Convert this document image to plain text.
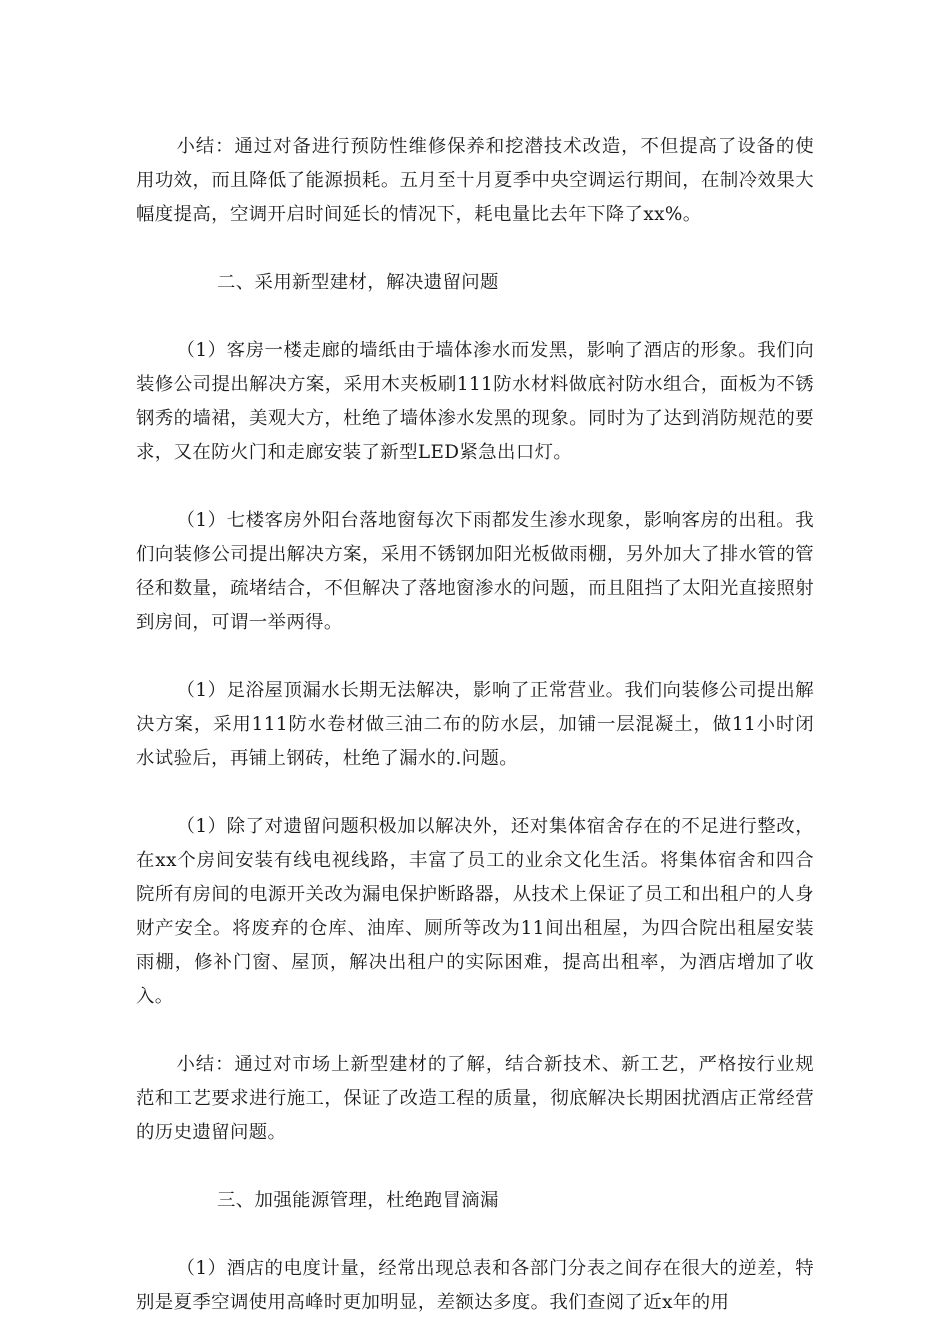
小结：通过对备进行预防性维修保养和挖潜技术改造，不但提高了设备的使用功效，而且降低了能源损耗。五月至十月夏季中央空调运行期间，在制冷效果大幅度提高，空调开启时间延长的情况下，耗电量比去年下降了xx%。

二、采用新型建材，解决遗留问题

（1）客房一楼走廊的墙纸由于墙体渗水而发黑，影响了酒店的形象。我们向装修公司提出解决方案，采用木夹板刷111防水材料做底衬防水组合，面板为不锈钢秀的墙裙，美观大方，杜绝了墙体渗水发黑的现象。同时为了达到消防规范的要求，又在防火门和走廊安装了新型LED紧急出口灯。

（1）七楼客房外阳台落地窗每次下雨都发生渗水现象，影响客房的出租。我们向装修公司提出解决方案，采用不锈钢加阳光板做雨棚，另外加大了排水管的管径和数量，疏堵结合，不但解决了落地窗渗水的问题，而且阻挡了太阳光直接照射到房间，可谓一举两得。

（1）足浴屋顶漏水长期无法解决，影响了正常营业。我们向装修公司提出解决方案，采用111防水卷材做三油二布的防水层，加铺一层混凝土，做11小时闭水试验后，再铺上钢砖，杜绝了漏水的.问题。

（1）除了对遗留问题积极加以解决外，还对集体宿舍存在的不足进行整改，在xx个房间安装有线电视线路，丰富了员工的业余文化生活。将集体宿舍和四合院所有房间的电源开关改为漏电保护断路器，从技术上保证了员工和出租户的人身财产安全。将废弃的仓库、油库、厕所等改为11间出租屋，为四合院出租屋安装雨棚，修补门窗、屋顶，解决出租户的实际困难，提高出租率，为酒店增加了收入。

小结：通过对市场上新型建材的了解，结合新技术、新工艺，严格按行业规范和工艺要求进行施工，保证了改造工程的质量，彻底解决长期困扰酒店正常经营的历史遗留问题。

三、加强能源管理，杜绝跑冒滴漏

（1）酒店的电度计量，经常出现总表和各部门分表之间存在很大的逆差，特别是夏季空调使用高峰时更加明显，差额达多度。我们查阅了近x年的用
